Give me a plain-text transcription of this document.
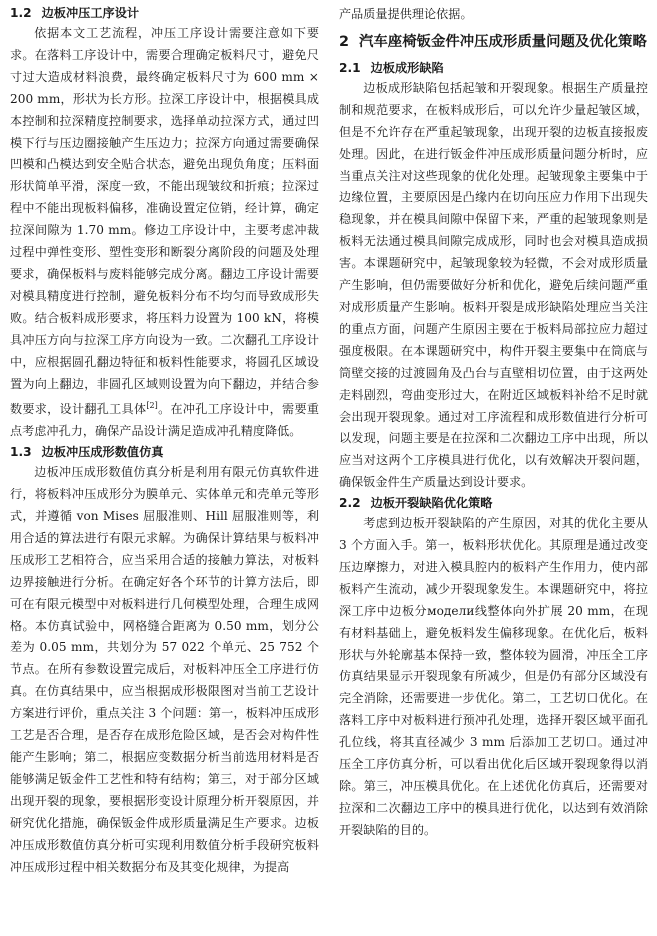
1.2 边板冲压工序设计

依据本文工艺流程，冲压工序设计需要注意如下要求。在落料工序设计中，需要合理确定板料尺寸，避免尺寸过大造成材料浪费，最终确定板料尺寸为 600 mm × 200 mm，形状为长方形。拉深工序设计中，根据模具成本控制和拉深精度控制要求，选择单动拉深方式，通过凹模下行与压边圈接触产生压边力；拉深方向通过需要确保凹模和凸模达到安全贴合状态，避免出现负角度；压料面形状简单平滑，深度一致，不能出现皱纹和折痕；拉深过程中不能出现板料偏移，准确设置定位销，经计算，确定拉深间隙为 1.70 mm。修边工序设计中，主要考虑冲裁过程中弹性变形、塑性变形和断裂分离阶段的问题及处理要求，确保板料与废料能够完成分离。翻边工序设计需要对模具精度进行控制，避免板料分布不均匀而导致成形失败。结合板料成形要求，将压料力设置为 100 kN，将模具冲压方向与拉深工序方向设为一致。二次翻孔工序设计中，应根据圆孔翻边特征和板料性能要求，将圆孔区域设置为向上翻边，非圆孔区域则设置为向下翻边，并结合参数要求，设计翻孔工具体[2]。在冲孔工序设计中，需要重点考虑冲孔力，确保产品设计满足造成冲孔精度降低。

1.3 边板冲压成形数值仿真

边板冲压成形数值仿真分析是利用有限元仿真软件进行，将板料冲压成形分为膜单元、实体单元和壳单元等形式，并遵循 von Mises 屈服准则、Hill 屈服准则等，利用合适的算法进行有限元求解。为确保计算结果与板料冲压成形工艺相符合，应当采用合适的接触力算法，对板料边界接触进行分析。在确定好各个环节的计算方法后，即可在有限元模型中对板料进行几何模型处理，合理生成网格。本仿真试验中，网格缝合距离为 0.50 mm，划分公差为 0.05 mm，共划分为 57 022 个单元、25 752 个节点。在所有参数设置完成后，对板料冲压全工序进行仿真。在仿真结果中，应当根据成形极限图对当前工艺设计方案进行评价，重点关注 3 个问题：第一，板料冲压成形工艺是否合理，是否存在成形危险区域，是否会对构件性能产生影响；第二，根据应变数据分析当前选用材料是否能够满足钣金件工艺性和特有结构；第三，对于部分区域出现开裂的现象，要根据形变设计原理分析开裂原因，并研究优化措施，确保钣金件成形质量满足生产要求。边板冲压成形数值仿真分析可实现利用数值分析手段研究板料冲压成形过程中相关数据分布及其变化规律，为提高

产品质量提供理论依据。

2 汽车座椅钣金件冲压成形质量问题及优化策略
2.1 边板成形缺陷

边板成形缺陷包括起皱和开裂现象。根据生产质量控制和规范要求，在板料成形后，可以允许少量起皱区域，但是不允许存在严重起皱现象，出现开裂的边板直接报废处理。因此，在进行钣金件冲压成形质量问题分析时，应当重点关注对这些现象的优化处理。起皱现象主要集中于边缘位置，主要原因是凸缘内在切向压应力作用下出现失稳现象，并在模具间隙中保留下来，严重的起皱现象则是板料无法通过模具间隙完成成形，同时也会对模具造成损害。本课题研究中，起皱现象较为轻微，不会对成形质量产生影响，但仍需要做好分析和优化，避免后续问题严重对成形质量产生影响。板料开裂是成形缺陷处理应当关注的重点方面，问题产生原因主要在于板料局部拉应力超过强度极限。在本课题研究中，构件开裂主要集中在筒底与筒壁交接的过渡圆角及凸台与直壁相切位置，由于这两处走料剧烈，弯曲变形过大，在附近区域板料补给不足时就会出现开裂现象。通过对工序流程和成形数值进行分析可以发现，问题主要是在拉深和二次翻边工序中出现，所以应当对这两个工序模具进行优化，以有效解决开裂问题，确保钣金件生产质量达到设计要求。

2.2 边板开裂缺陷优化策略

考虑到边板开裂缺陷的产生原因，对其的优化主要从 3 个方面入手。第一，板料形状优化。其原理是通过改变压边摩擦力，对进入模具腔内的板料产生作用力，使内部板料产生流动，减少开裂现象发生。本课题研究中，将拉深工序中边板分модели线整体向外扩展 20 mm，在现有材料基础上，避免板料发生偏移现象。在优化后，板料形状与外轮廓基本保持一致，整体较为圆滑，冲压全工序仿真结果显示开裂现象有所减少，但是仍有部分区域没有完全消除，还需要进一步优化。第二，工艺切口优化。在落料工序中对板料进行预冲孔处理，选择开裂区域平面孔孔位线，将其直径减少 3 mm 后添加工艺切口。通过冲压全工序仿真分析，可以看出优化后区域开裂现象得以消除。第三，冲压模具优化。在上述优化仿真后，还需要对拉深和二次翻边工序中的模具进行优化，以达到有效消除开裂缺陷的目的。
